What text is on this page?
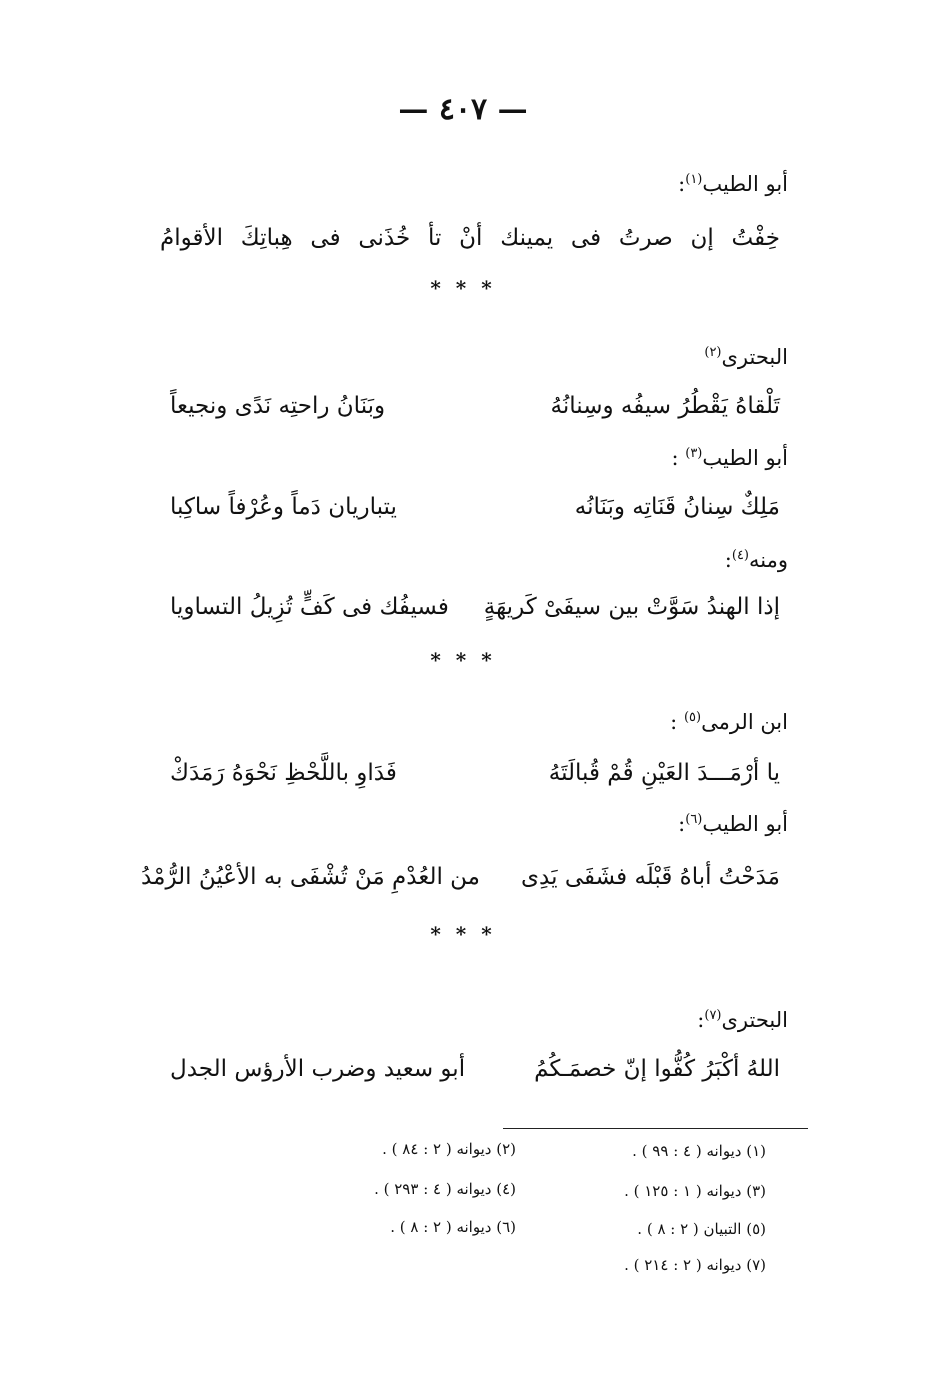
— ٤٠٧ —
أبو الطيب$^{(١)}$:
خِفْتُ إن صرتُ فى يمينك أنْ تأ خُذَنى فى هِباتِكَ الأقوامُ
* * *
البحترى$^{(٢)}$
تَلْقاهُ يَقْطُرُ سيفُه وسِنانُهُ
وبَنَانُ راحتِه نَدًى ونجيعاً
أبو الطيب$^{(٣)}$ :
مَلِكٌ سِنانُ قَنَاتِه وبَنَانُه
يتباريان دَماً وعُرْفاً ساكِبا
ومنه$^{(٤)}$:
إذا الهندُ سَوَّتْ بين سيفَىْ كَريهَةٍ
فسيفُك فى كَفٍّ تُزِيلُ التساويا
* * *
ابن الرمى$^{(٥)}$ :
يا أرْمَـــدَ العَيْنِ قُمْ قُبالَتَهُ
فَدَاوِ باللَّحْظِ نَحْوَهُ رَمَدَكْ
أبو الطيب$^{(٦)}$:
مَدَحْتُ أباهُ قَبْلَه فشَفَى يَدِى
من العُدْمِ مَنْ تُشْفَى به الأعْيُنُ الرُّمْدُ
* * *
البحترى$^{(٧)}$:
اللهُ أكْبَرُ كُفُّوا إنّ خصمَـكُمُ
أبو سعيد وضرب الأرؤس الجدل
(١) ديوانه ( ٤ : ٩٩ ) .
(٢) ديوانه ( ٢ : ٨٤ ) .
(٣) ديوانه ( ١ : ١٢٥ ) .
(٤) ديوانه ( ٤ : ٢٩٣ ) .
(٥) التبيان ( ٢ : ٨ ) .
(٦) ديوانه ( ٢ : ٨ ) .
(٧) ديوانه ( ٢ : ٢١٤ ) .
